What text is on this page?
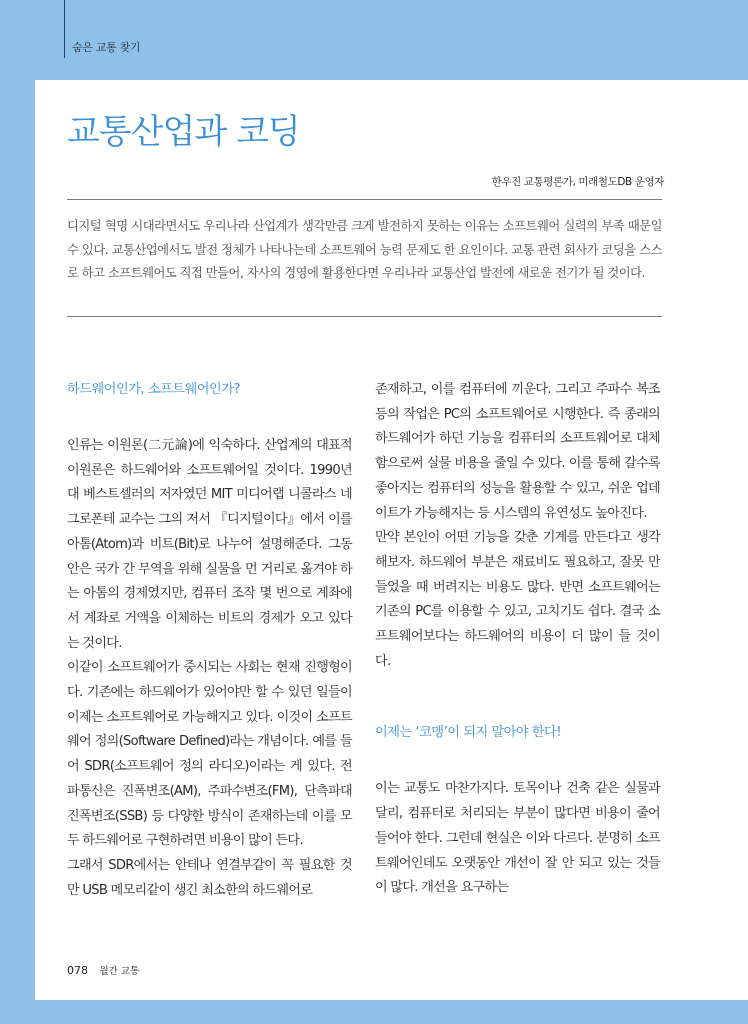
숨은 교통 찾기
교통산업과 코딩
한우진 교통평론가, 미래철도DB 운영자

디지털 혁명 시대라면서도 우리나라 산업계가 생각만큼 크게 발전하지 못하는 이유는 소프트웨어 실력의 부족 때문일 수 있다. 교통산업에서도 발전 정체가 나타나는데 소프트웨어 능력 문제도 한 요인이다. 교통 관련 회사가 코딩을 스스로 하고 소프트웨어도 직접 만들어, 자사의 경영에 활용한다면 우리나라 교통산업 발전에 새로운 전기가 될 것이다.

하드웨어인가, 소프트웨어인가?

인류는 이원론(二元論)에 익숙하다. 산업계의 대표적 이원론은 하드웨어와 소프트웨어일 것이다. 1990년대 베스트셀러의 저자였던 MIT 미디어랩 니콜라스 네그로폰테 교수는 그의 저서 『디지털이다』에서 이를 아톰(Atom)과 비트(Bit)로 나누어 설명해준다. 그동안은 국가 간 무역을 위해 실물을 먼 거리로 옮겨야 하는 아톰의 경제였지만, 컴퓨터 조작 몇 번으로 계좌에서 계좌로 거액을 이체하는 비트의 경제가 오고 있다는 것이다.

이같이 소프트웨어가 중시되는 사회는 현재 진행형이다. 기존에는 하드웨어가 있어야만 할 수 있던 일들이 이제는 소프트웨어로 가능해지고 있다. 이것이 소프트웨어 정의(Software Defined)라는 개념이다. 예를 들어 SDR(소프트웨어 정의 라디오)이라는 게 있다. 전파통신은 진폭변조(AM), 주파수변조(FM), 단측파대 진폭변조(SSB) 등 다양한 방식이 존재하는데 이를 모두 하드웨어로 구현하려면 비용이 많이 든다.

그래서 SDR에서는 안테나 연결부같이 꼭 필요한 것만 USB 메모리같이 생긴 최소한의 하드웨어로

존재하고, 이를 컴퓨터에 끼운다. 그리고 주파수 복조 등의 작업은 PC의 소프트웨어로 시행한다. 즉 종래의 하드웨어가 하던 기능을 컴퓨터의 소프트웨어로 대체함으로써 실물 비용을 줄일 수 있다. 이를 통해 갈수록 좋아지는 컴퓨터의 성능을 활용할 수 있고, 쉬운 업데이트가 가능해지는 등 시스템의 유연성도 높아진다.

만약 본인이 어떤 기능을 갖춘 기계를 만든다고 생각해보자. 하드웨어 부분은 재료비도 필요하고, 잘못 만들었을 때 버려지는 비용도 많다. 반면 소프트웨어는 기존의 PC를 이용할 수 있고, 고치기도 쉽다. 결국 소프트웨어보다는 하드웨어의 비용이 더 많이 들 것이다.

이제는 ‘코맹’이 되지 말아야 한다!

이는 교통도 마찬가지다. 토목이나 건축 같은 실물과 달리, 컴퓨터로 처리되는 부분이 많다면 비용이 줄어들어야 한다. 그런데 현실은 이와 다르다. 분명히 소프트웨어인데도 오랫동안 개선이 잘 안 되고 있는 것들이 많다. 개선을 요구하는

078 월간 교통
